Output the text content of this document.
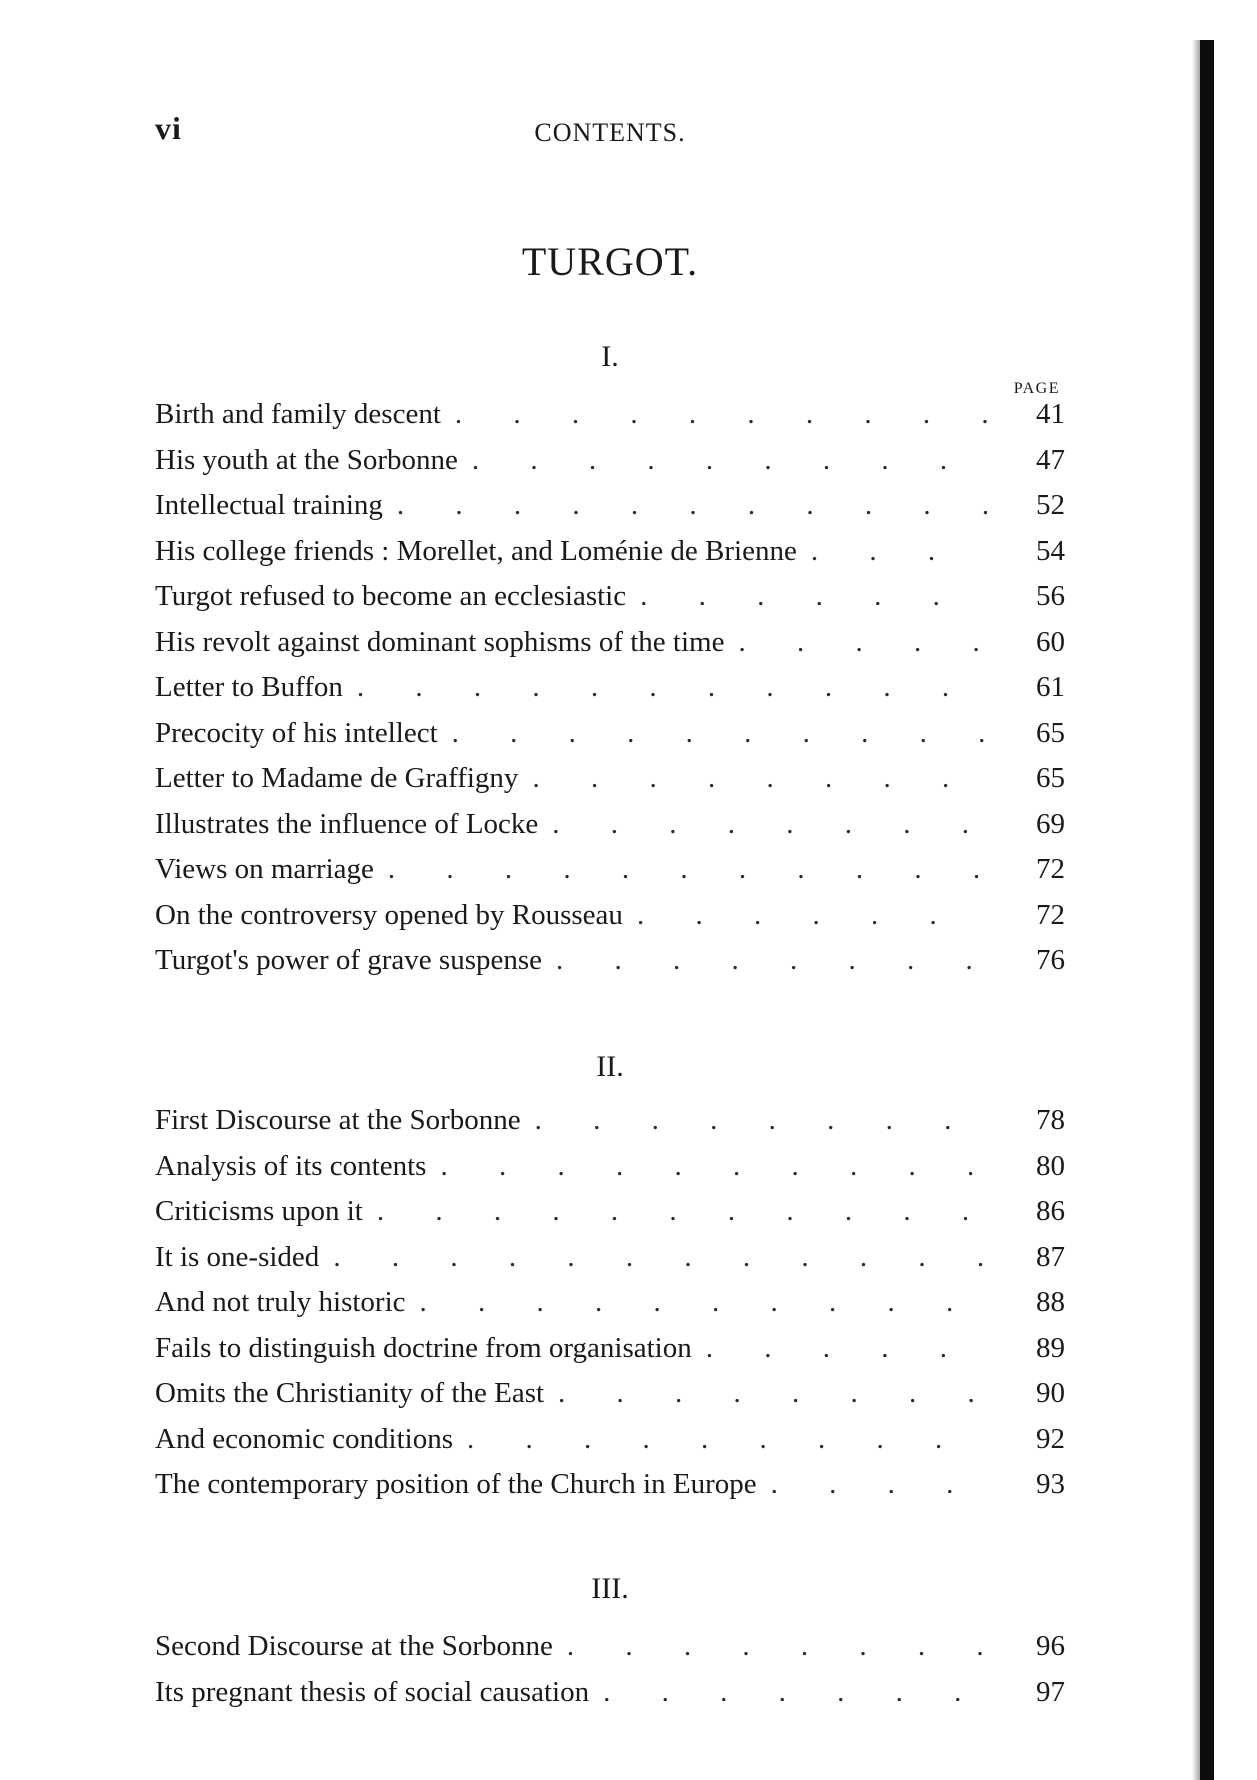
vi	CONTENTS.
TURGOT.
I.
PAGE
Birth and family descent . . .	41
His youth at the Sorbonne . . .	47
Intellectual training . . .	52
His college friends : Morellet, and Loménie de Brienne . . .	54
Turgot refused to become an ecclesiastic . . .	56
His revolt against dominant sophisms of the time . . .	60
Letter to Buffon . . .	61
Precocity of his intellect . . .	65
Letter to Madame de Graffigny . . .	65
Illustrates the influence of Locke . . .	69
Views on marriage . . .	72
On the controversy opened by Rousseau . . .	72
Turgot's power of grave suspense . . .	76
II.
First Discourse at the Sorbonne . . .	78
Analysis of its contents . . .	80
Criticisms upon it . . .	86
It is one-sided . . .	87
And not truly historic . . .	88
Fails to distinguish doctrine from organisation . . .	89
Omits the Christianity of the East . . .	90
And economic conditions . . .	92
The contemporary position of the Church in Europe . . .	93
III.
Second Discourse at the Sorbonne . . .	96
Its pregnant thesis of social causation . . .	97
